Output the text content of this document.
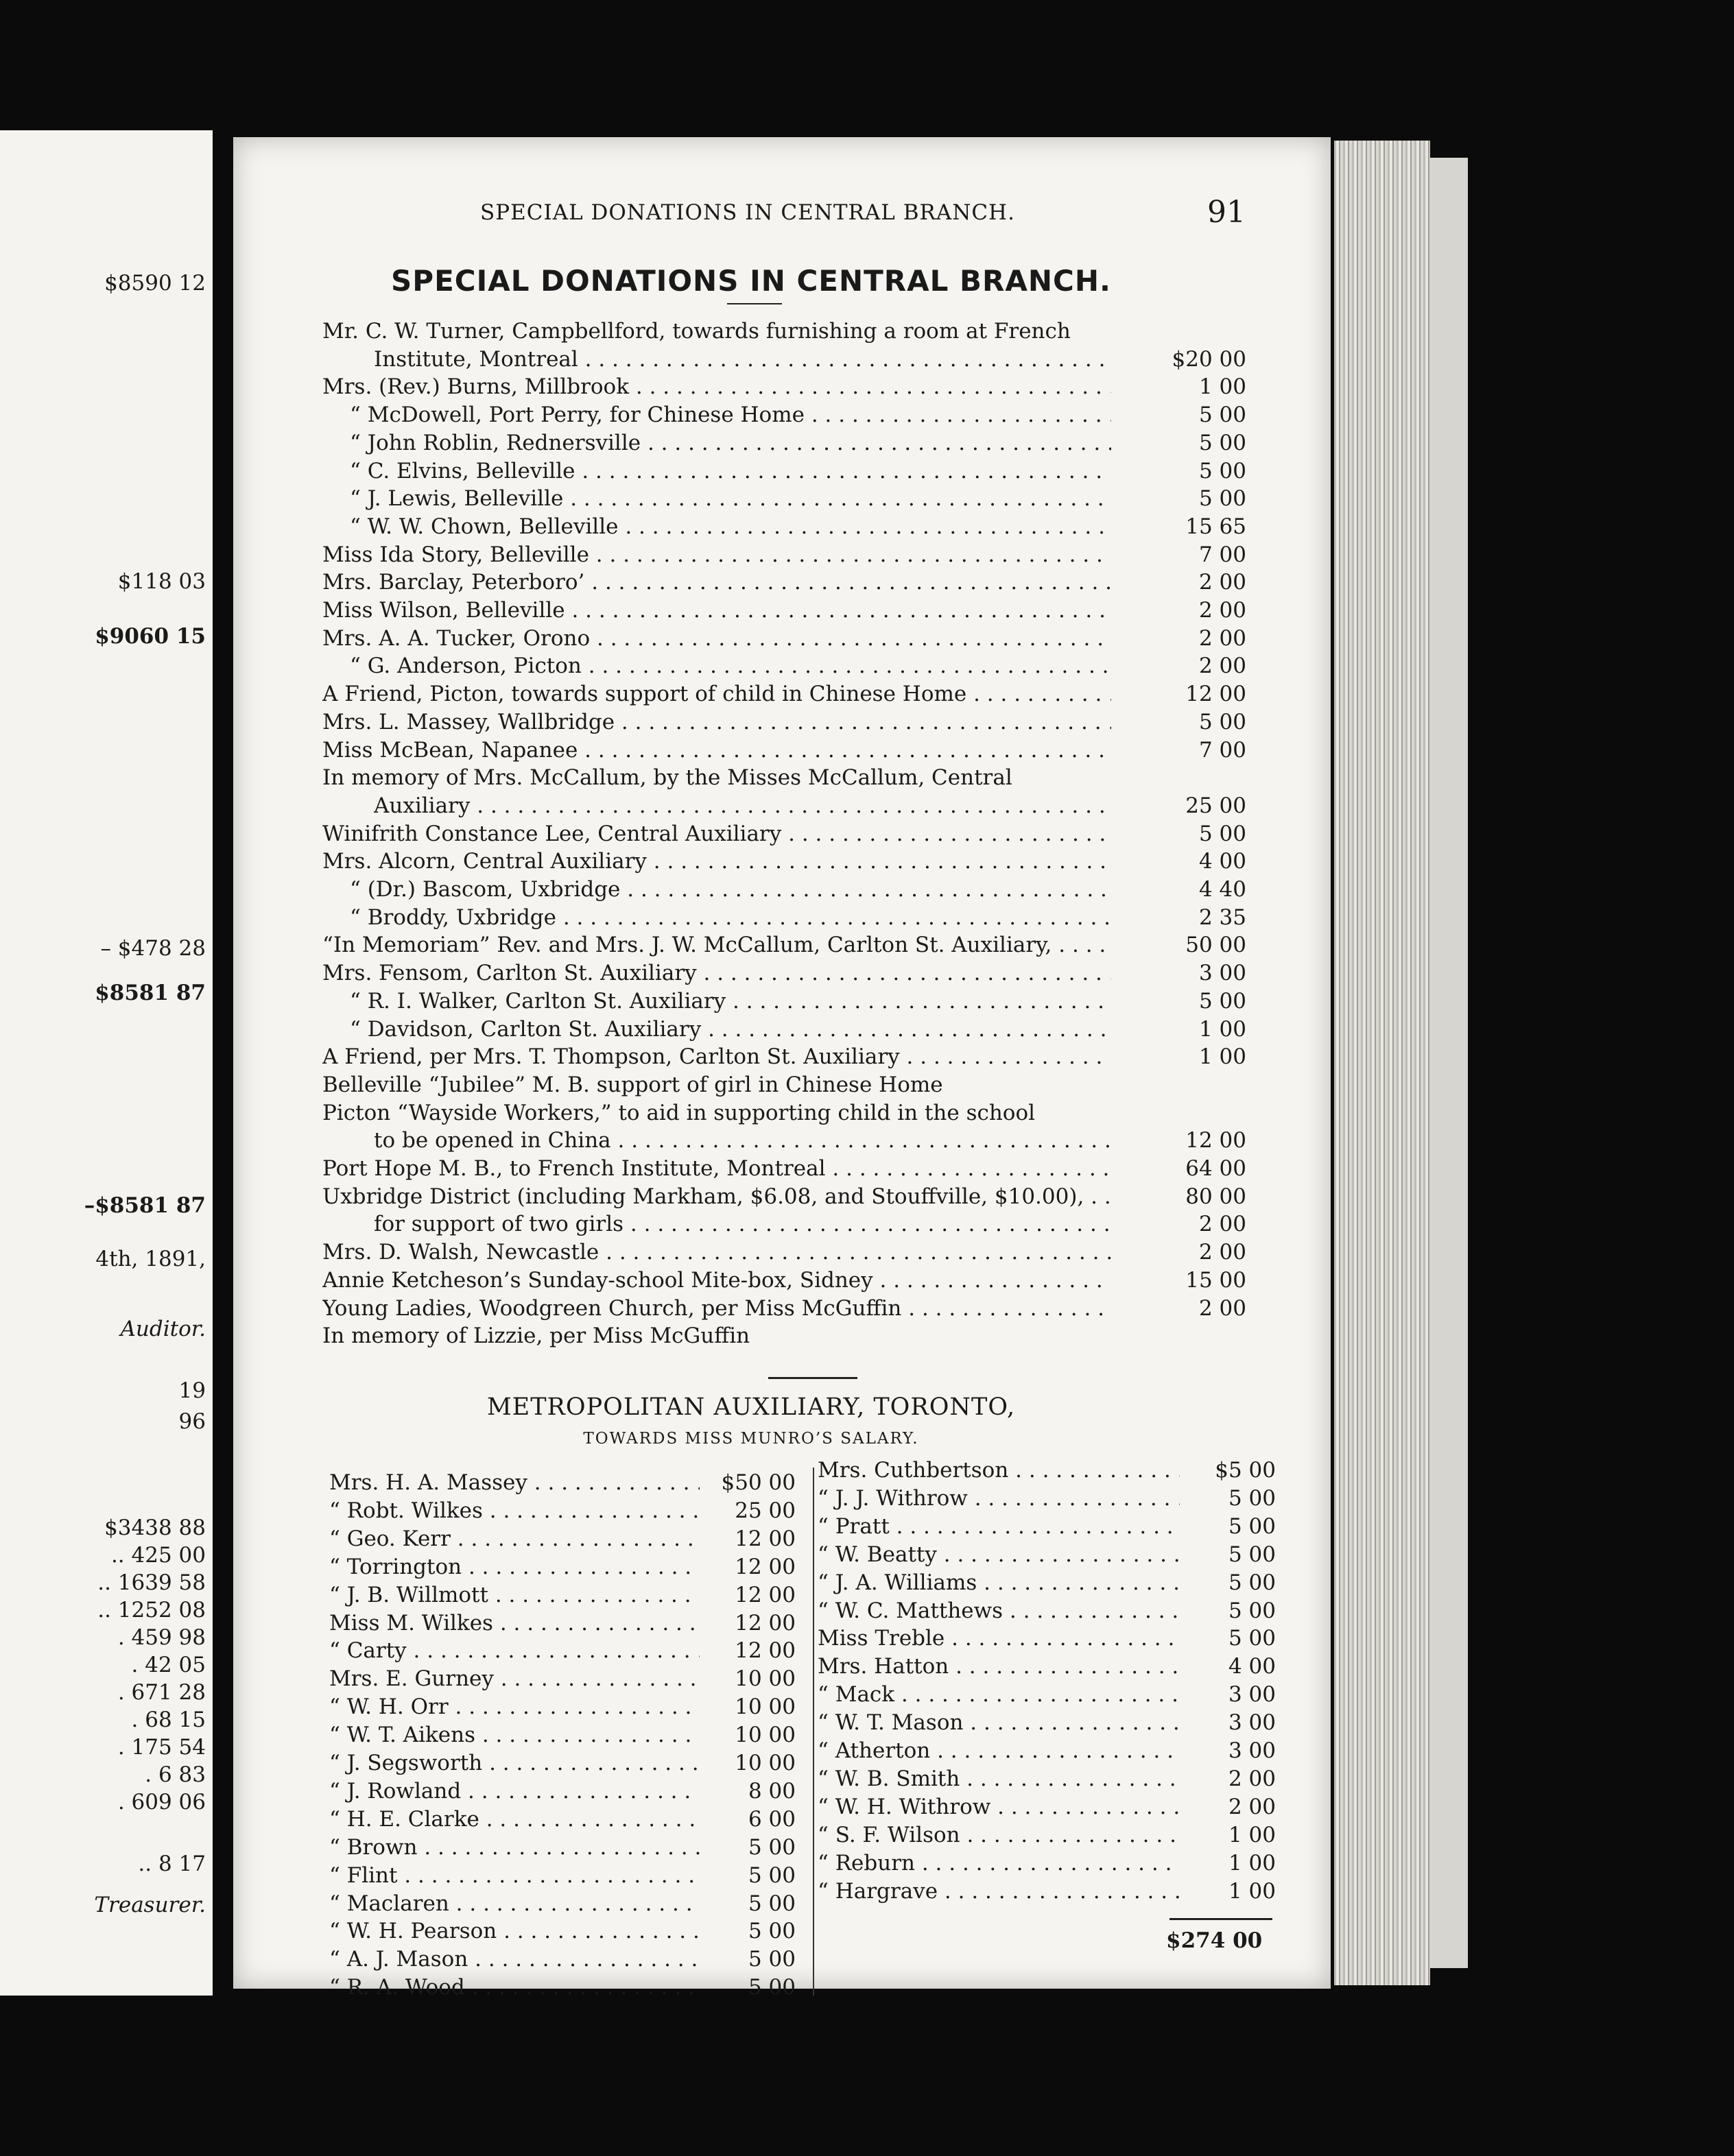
$8590 12
$118 03
$9060 15
– $478 28
$8581 87
–$8581 87
4th, 1891,
Auditor.
19
96
$3438 88
.. 425 00
.. 1639 58
.. 1252 08
. 459 98
. 42 05
. 671 28
. 68 15
. 175 54
. 6 83
. 609 06
.. 8 17
Treasurer.
SPECIAL DONATIONS IN CENTRAL BRANCH.	91
SPECIAL DONATIONS IN CENTRAL BRANCH.
Mr. C. W. Turner, Campbellford, towards furnishing a room at French
Institute, Montreal . . .	$20 00
Mrs. (Rev.) Burns, Millbrook . . .	1 00
“ McDowell, Port Perry, for Chinese Home . . .	5 00
“ John Roblin, Rednersville . . .	5 00
“ C. Elvins, Belleville . . .	5 00
“ J. Lewis, Belleville . . .	5 00
“ W. W. Chown, Belleville . . .	15 65
Miss Ida Story, Belleville . . .	7 00
Mrs. Barclay, Peterboro’ . . .	2 00
Miss Wilson, Belleville . . .	2 00
Mrs. A. A. Tucker, Orono . . .	2 00
“ G. Anderson, Picton . . .	2 00
A Friend, Picton, towards support of child in Chinese Home . . .	12 00
Mrs. L. Massey, Wallbridge . . .	5 00
Miss McBean, Napanee . . .	7 00
In memory of Mrs. McCallum, by the Misses McCallum, Central
Auxiliary . . .	25 00
Winifrith Constance Lee, Central Auxiliary . . .	5 00
Mrs. Alcorn, Central Auxiliary . . .	4 00
“ (Dr.) Bascom, Uxbridge . . .	4 40
“ Broddy, Uxbridge . . .	2 35
“In Memoriam” Rev. and Mrs. J. W. McCallum, Carlton St. Auxiliary, . . .	50 00
Mrs. Fensom, Carlton St. Auxiliary . . .	3 00
“ R. I. Walker, Carlton St. Auxiliary . . .	5 00
“ Davidson, Carlton St. Auxiliary . . .	1 00
A Friend, per Mrs. T. Thompson, Carlton St. Auxiliary . . .	1 00
Belleville “Jubilee” M. B. support of girl in Chinese Home
Picton “Wayside Workers,” to aid in supporting child in the school
to be opened in China . . .	12 00
Port Hope M. B., to French Institute, Montreal . . .	64 00
Uxbridge District (including Markham, $6.08, and Stouffville, $10.00), . . .	80 00
for support of two girls . . .	2 00
Mrs. D. Walsh, Newcastle . . .	2 00
Annie Ketcheson’s Sunday-school Mite-box, Sidney . . .	15 00
Young Ladies, Woodgreen Church, per Miss McGuffin . . .	2 00
In memory of Lizzie, per Miss McGuffin
METROPOLITAN AUXILIARY, TORONTO,
TOWARDS MISS MUNRO’S SALARY.
Mrs. H. A. Massey . . .	$50 00
“ Robt. Wilkes . . .	25 00
“ Geo. Kerr . . .	12 00
“ Torrington . . .	12 00
“ J. B. Willmott . . .	12 00
Miss M. Wilkes . . .	12 00
“ Carty . . .	12 00
Mrs. E. Gurney . . .	10 00
“ W. H. Orr . . .	10 00
“ W. T. Aikens . . .	10 00
“ J. Segsworth . . .	10 00
“ J. Rowland . . .	8 00
“ H. E. Clarke . . .	6 00
“ Brown . . .	5 00
“ Flint . . .	5 00
“ Maclaren . . .	5 00
“ W. H. Pearson . . .	5 00
“ A. J. Mason . . .	5 00
“ R. A. Wood . . .	5 00
Mrs. Cuthbertson . . .	$5 00
“ J. J. Withrow . . .	5 00
“ Pratt . . .	5 00
“ W. Beatty . . .	5 00
“ J. A. Williams . . .	5 00
“ W. C. Matthews . . .	5 00
Miss Treble . . .	5 00
Mrs. Hatton . . .	4 00
“ Mack . . .	3 00
“ W. T. Mason . . .	3 00
“ Atherton . . .	3 00
“ W. B. Smith . . .	2 00
“ W. H. Withrow . . .	2 00
“ S. F. Wilson . . .	1 00
“ Reburn . . .	1 00
“ Hargrave . . .	1 00
$274 00
